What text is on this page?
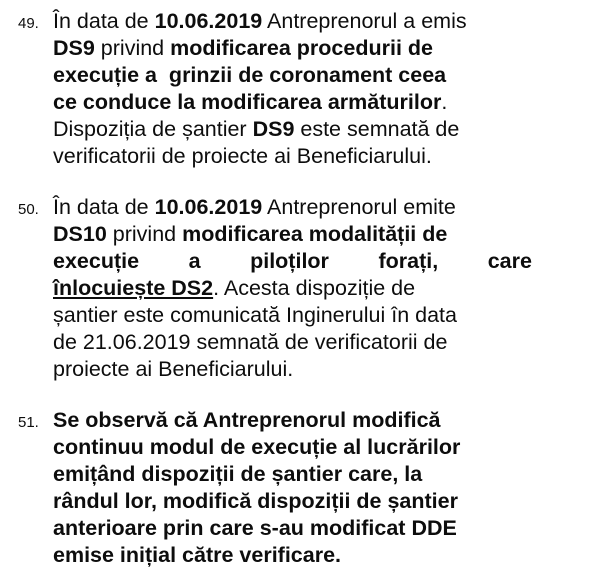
49. În data de 10.06.2019 Antreprenorul a emis
DS9 privind modificarea procedurii de
execuție a  grinzii de coronament ceea
ce conduce la modificarea armăturilor.
Dispoziția de șantier DS9 este semnată de
verificatorii de proiecte ai Beneficiarului.
50. În data de 10.06.2019 Antreprenorul emite
DS10 privind modificarea modalității de
execuție a piloților forați, care
înlocuiește DS2. Acesta dispoziție de
șantier este comunicată Inginerului în data
de 21.06.2019 semnată de verificatorii de
proiecte ai Beneficiarului.
51. Se observă că Antreprenorul modifică
continuu modul de execuție al lucrărilor
emițând dispoziții de șantier care, la
rândul lor, modifică dispoziții de șantier
anterioare prin care s-au modificat DDE
emise inițial către verificare.
